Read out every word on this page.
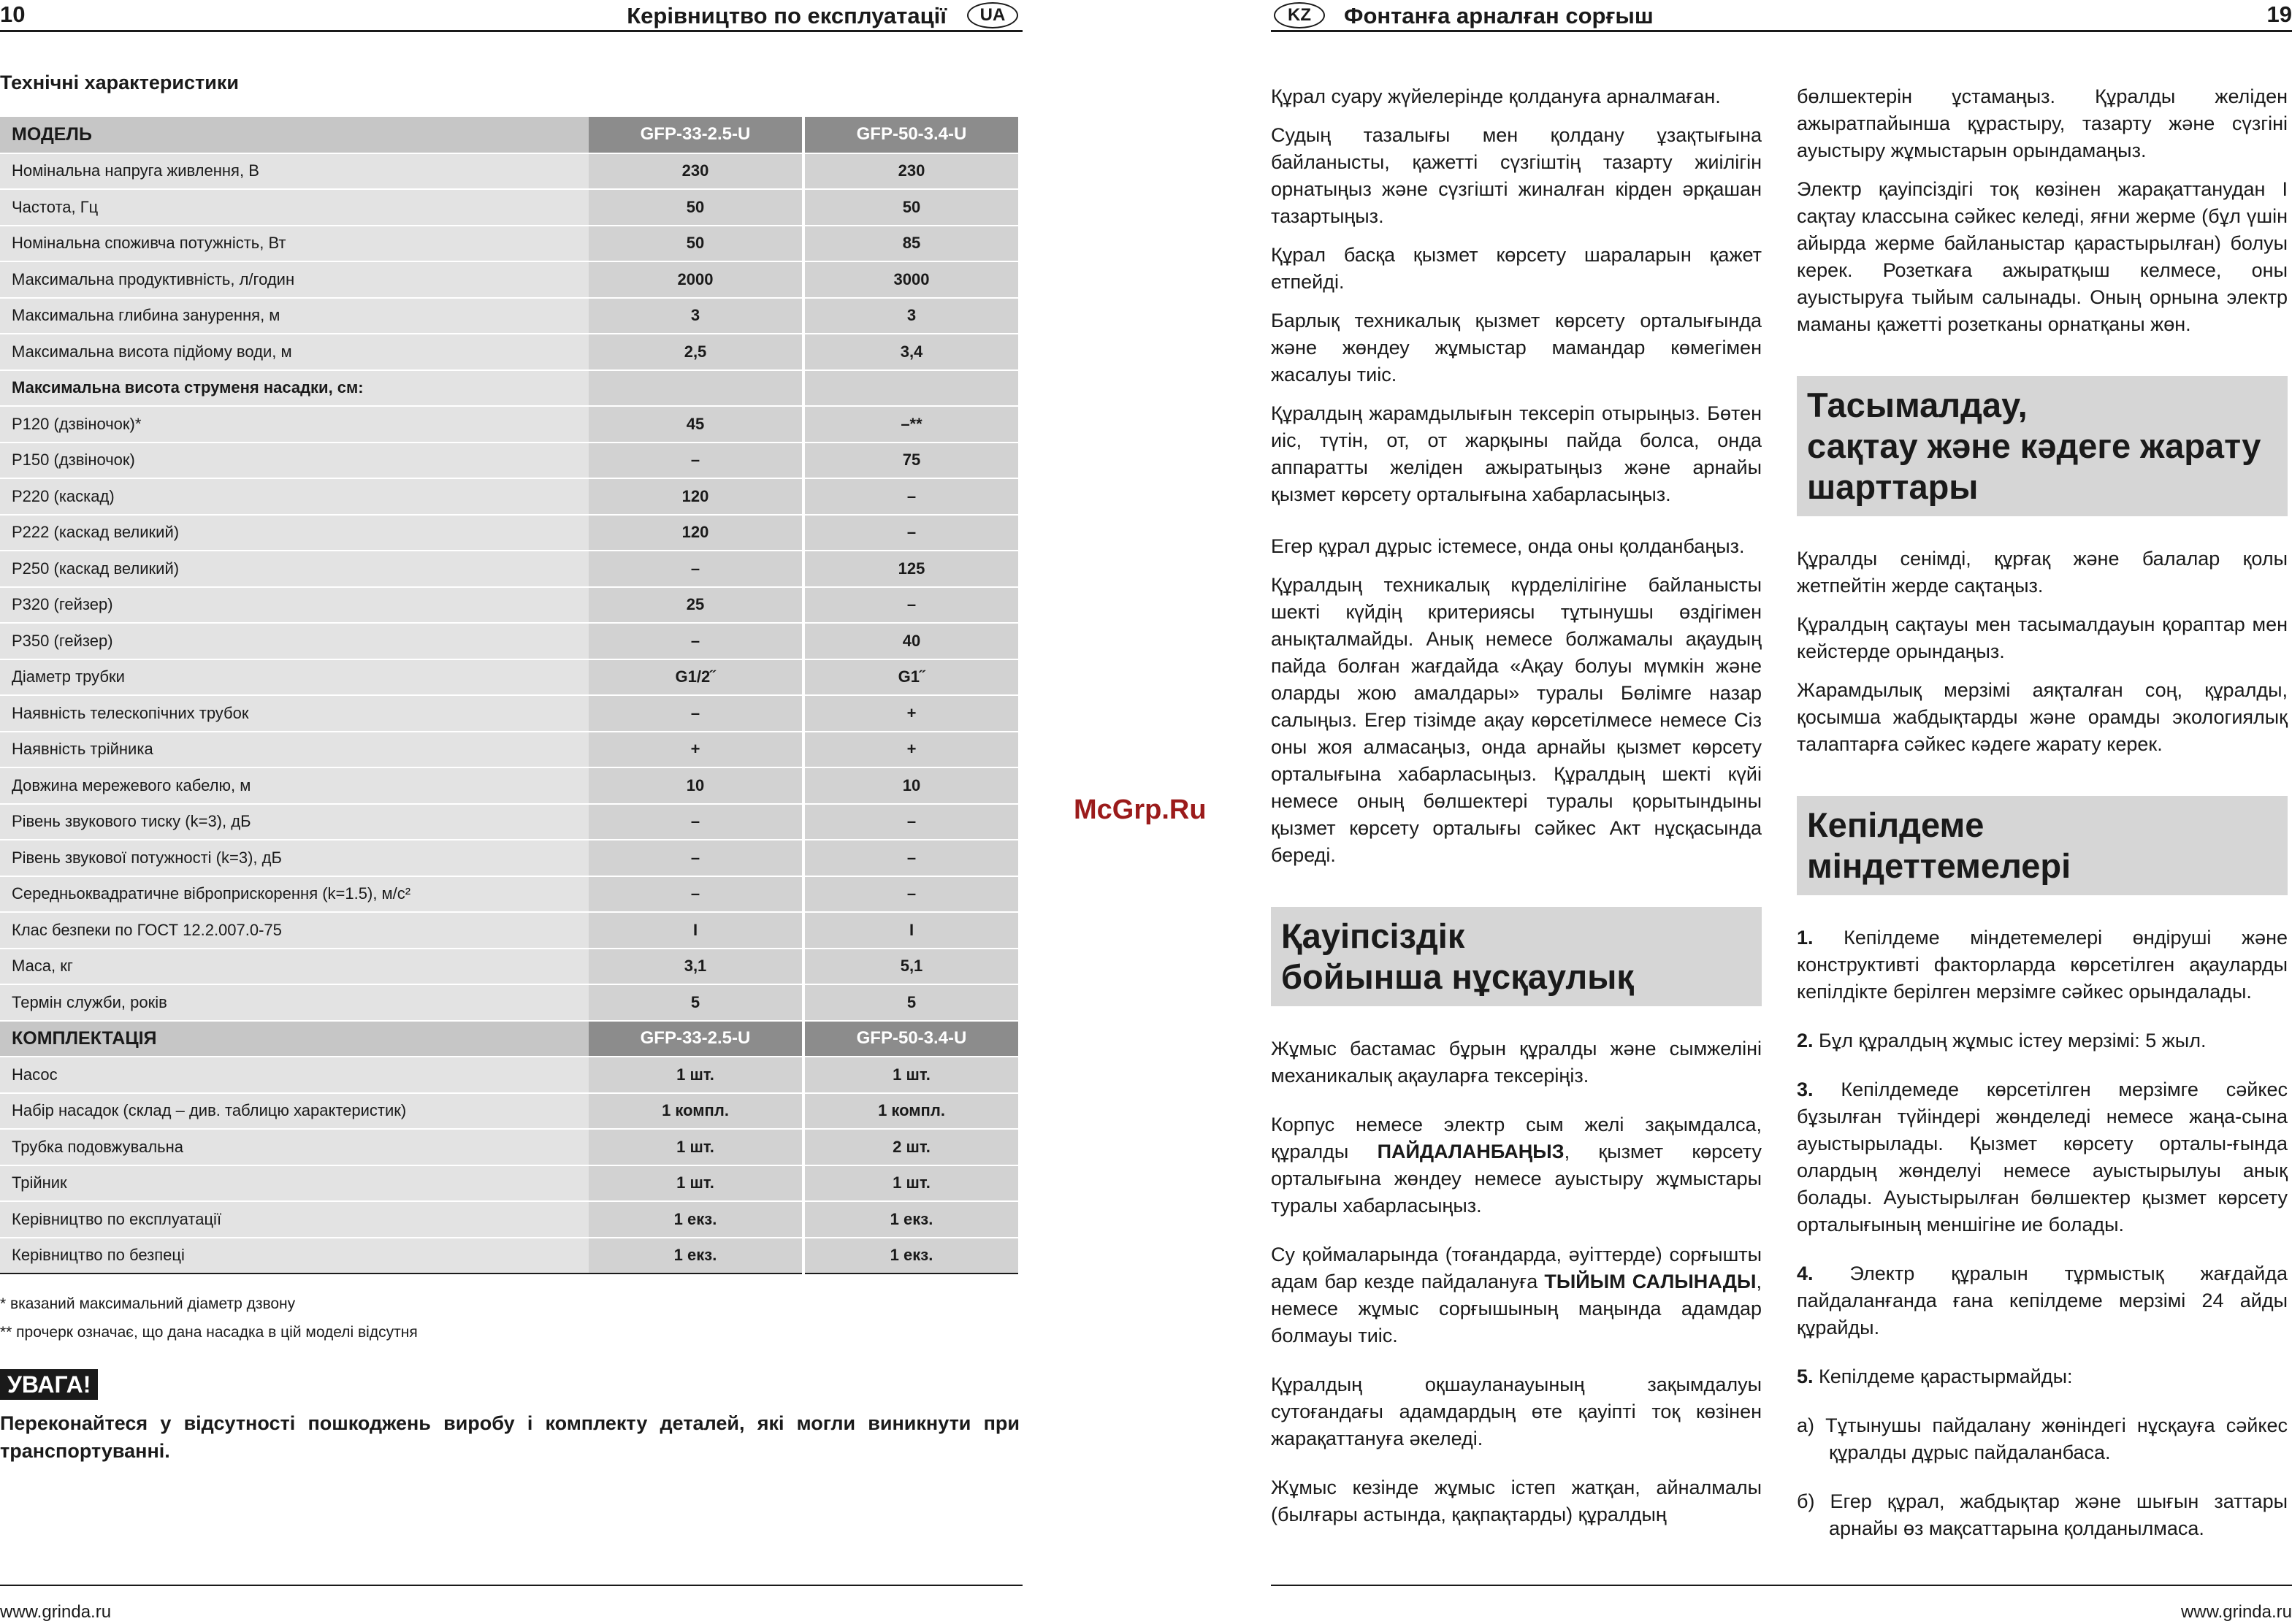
10	Керівництво по експлуатації	UA
Технічні характеристики
МОДЕЛЬ	GFP-33-2.5-U	GFP-50-3.4-U
Номінальна напруга живлення, В	230	230
Частота, Гц	50	50
Номінальна споживча потужність, Вт	50	85
Максимальна продуктивність, л/годин	2000	3000
Максимальна глибина занурення, м	3	3
Максимальна висота підйому води, м	2,5	3,4
Максимальна висота струменя насадки, см:		
P120 (дзвіночок)*	45	–**
P150 (дзвіночок)	–	75
P220 (каскад)	120	–
P222 (каскад великий)	120	–
P250 (каскад великий)	–	125
P320 (гейзер)	25	–
P350 (гейзер)	–	40
Діаметр трубки	G1/2˝	G1˝
Наявність телескопічних трубок	–	+
Наявність трійника	+	+
Довжина мережевого кабелю, м	10	10
Рівень звукового тиску (k=3), дБ	–	–
Рівень звукової потужності (k=3), дБ	–	–
Середньоквадратичне віброприскорення (k=1.5), м/с²	–	–
Клас безпеки по ГОСТ 12.2.007.0-75	I	I
Маса, кг	3,1	5,1
Термін служби, років	5	5
КОМПЛЕКТАЦІЯ	GFP-33-2.5-U	GFP-50-3.4-U
Насос	1 шт.	1 шт.
Набір насадок (склад – див. таблицю характеристик)	1 компл.	1 компл.
Трубка подовжувальна	1 шт.	2 шт.
Трійник	1 шт.	1 шт.
Керівництво по експлуатації	1 екз.	1 екз.
Керівництво по безпеці	1 екз.	1 екз.
* вказаний максимальний діаметр дзвону
** прочерк означає, що дана насадка в цій моделі відсутня
УВАГА!
Переконайтеся у відсутності пошкоджень виробу і комплекту деталей, які могли виникнути при транспортуванні.
www.grinda.ru
McGrp.Ru
KZ	Фонтанға арналған сорғыш	19

Құрал суару жүйелерінде қолдануға арналмаған.

Судың тазалығы мен қолдану ұзақтығына байланысты, қажетті сүзгіштің тазарту жиілігін орнатыңыз және сүзгішті жиналған кірден әрқашан тазартыңыз.

Құрал басқа қызмет көрсету шараларын қажет етпейді.

Барлық техникалық қызмет көрсету орталығында және жөндеу жұмыстар мамандар көмегімен жасалуы тиіс.

Құралдың жарамдылығын тексеріп отырыңыз. Бөтен иіс, түтін, от, от жарқыны пайда болса, онда аппаратты желіден ажыратыңыз және арнайы қызмет көрсету орталығына хабарласыңыз.

Егер құрал дұрыс істемесе, онда оны қолданбаңыз.

Құралдың техникалық күрделілігіне байланысты шекті күйдің критерияcы тұтынушы өздігімен анықталмайды. Анық немесе болжамалы ақаудың пайда болған жағдайда «Ақау болуы мүмкін және оларды жою амалдары» туралы Бөлімге назар салыңыз. Егер тізімде ақау көрсетілмесе немесе Сіз оны жоя алмасаңыз, онда арнайы қызмет көрсету орталығына хабарласыңыз. Құралдың шекті күйі немесе оның бөлшектері туралы қорытындыны қызмет көрсету орталығы сәйкес Акт нұсқасында береді.

Қауіпсіздік
бойынша нұсқаулық

Жұмыс бастамас бұрын құралды және сымжеліні механикалық ақауларға тексеріңіз.

Корпус немесе электр сым желі зақымдалса, құралды ПАЙДАЛАНБАҢЫЗ, қызмет көрсету орталығына жөндеу немесе ауыстыру жұмыстары туралы хабарласыңыз.

Су қоймаларында (тоғандарда, әуіттерде) сорғышты адам бар кезде пайдалануға ТЫЙЫМ САЛЫНАДЫ, немесе жұмыс сорғышының маңында адамдар болмауы тиіс.

Құралдың оқшауланауының зақымдалуы сутоғандағы адамдардың өте қауіпті тоқ көзінен жарақаттануға әкеледі.

Жұмыс кезінде жұмыс істеп жатқан, айналмалы (былғары астында, қақпақтарды) құралдың

бөлшектерін ұстамаңыз. Құралды желіден ажыратпайынша құрастыру, тазарту және сүзгіні ауыстыру жұмыстарын орындамаңыз.

Электр қауіпсіздігі тоқ көзінен жарақаттанудан I сақтау классына сәйкес келеді, яғни жерме (бұл үшін айырда жерме байланыстар қарастырылған) болуы керек. Розеткаға ажыратқыш келмесе, оны ауыстыруға тыйым салынады. Оның орнына электр маманы қажетті розетканы орнатқаны жөн.

Тасымалдау,
сақтау және кәдеге жарату
шарттары

Құралды сенімді, құрғақ және балалар қолы жетпейтін жерде сақтаңыз.

Құралдың сақтауы мен тасымалдауын қораптар мен кейстерде орындаңыз.

Жарамдылық мерзімі аяқталған соң, құралды, қосымша жабдықтарды және орамды экологиялық талаптарға сәйкес кәдеге жарату керек.

Кепілдеме
міндеттемелері

1. Кепілдеме міндетемелері өндіруші және конструктивті факторларда көрсетілген ақауларды кепілдікте берілген мерзімге сәйкес орындалады.

2. Бұл құралдың жұмыс істеу мерзімі: 5 жыл.

3. Кепілдемеде көрсетілген мерзімге сәйкес бұзылған түйіндері жөнделеді немесе жаңа-сына ауыстырылады. Қызмет көрсету орталы-ғында олардың жөнделуі немесе ауыстырылуы анық болады. Ауыстырылған бөлшектер қызмет көрсету орталығының меншігіне ие болады.

4. Электр құралын тұрмыстық жағдайда пайдаланғанда ғана кепілдеме мерзімі 24 айды құрайды.

5. Кепілдеме қарастырмайды:

а) Тұтынушы пайдалану жөніндегі нұсқауға сәйкес құралды дұрыс пайдаланбаса.

б) Егер құрал, жабдықтар және шығын заттары арнайы өз мақсаттарына қолданылмаса.

www.grinda.ru
